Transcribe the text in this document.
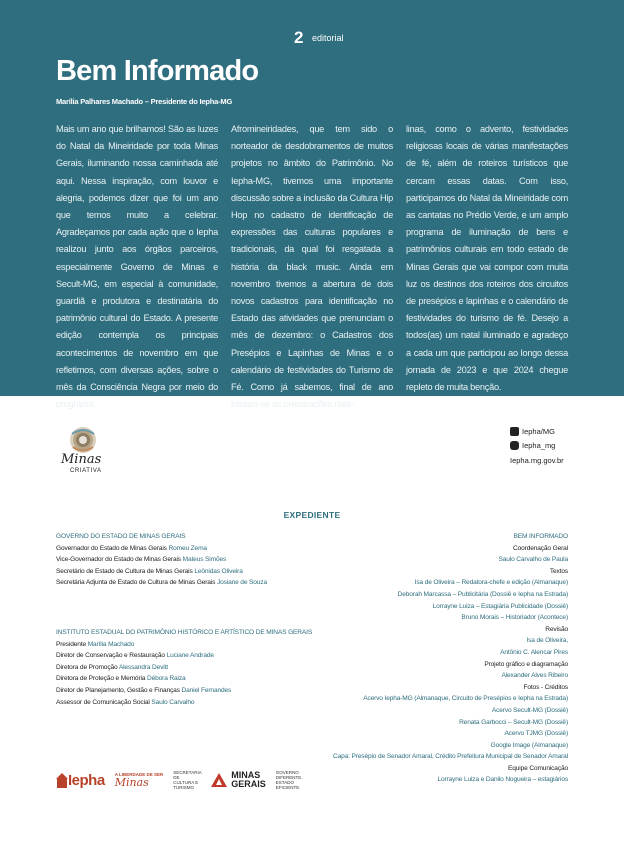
2 editorial
Bem Informado
Marília Palhares Machado – Presidente do Iepha-MG

Mais um ano que brilhamos! São as luzes do Natal da Mineiridade por toda Minas Gerais, iluminando nossa caminhada até aqui. Nessa inspiração, com louvor e alegria, podemos dizer que foi um ano que temos muito a celebrar. Agradeçamos por cada ação que o Iepha realizou junto aos órgãos parceiros, especialmente Governo de Minas e Secult-MG, em especial à comunidade, guardiã e produtora e destinatária do patrimônio cultural do Estado. A presente edição contempla os principais acontecimentos de novembro em que refletimos, com diversas ações, sobre o mês da Consciência Negra por meio do programa

Afromineiridades, que tem sido o norteador de desdobramentos de muitos projetos no âmbito do Patrimônio. No Iepha-MG, tivemos uma importante discussão sobre a inclusão da Cultura Hip Hop no cadastro de identificação de expressões das culturas populares e tradicionais, da qual foi resgatada a história da black music. Ainda em novembro tivemos a abertura de dois novos cadastros para identificação no Estado das atividades que prenunciam o mês de dezembro: o Cadastros dos Presépios e Lapinhas de Minas e o calendário de festividades do Turismo de Fé. Como já sabemos, final de ano iniciam-se as preparações nata-

linas, como o advento, festividades religiosas locais de várias manifestações de fé, além de roteiros turísticos que cercam essas datas. Com isso, participamos do Natal da Mineiridade com as cantatas no Prédio Verde, e um amplo programa de iluminação de bens e patrimônios culturais em todo estado de Minas Gerais que vai compor com muita luz os destinos dos roteiros dos circuitos de presépios e lapinhas e o calendário de festividades do turismo de fé. Desejo a todos(as) um natal iluminado e agradeço a cada um que participou ao longo dessa jornada de 2023 e que 2024 chegue repleto de muita benção.

Minas
CRIATIVA
Iepha/MG
Iepha_mg
Iepha.mg.gov.br
EXPEDIENTE
GOVERNO DO ESTADO DE MINAS GERAIS
Governador do Estado de Minas Gerais Romeu Zema
Vice-Governador do Estado de Minas Gerais Mateus Simões
Secretário de Estado de Cultura de Minas Gerais Leônidas Oliveira
Secretária Adjunta de Estado de Cultura de Minas Gerais Josiane de Souza
INSTITUTO ESTADUAL DO PATRIMÔNIO HISTÓRICO E ARTÍSTICO DE MINAS GERAIS
Presidente Marília Machado
Diretor de Conservação e Restauração Luciane Andrade
Diretora de Promoção Alessandra Devitt
Diretora de Proteção e Memória Débora Raiza
Diretor de Planejamento, Gestão e Finanças Daniel Fernandes
Assessor de Comunicação Social Saulo Carvalho
BEM INFORMADO
Coordenação Geral
Saulo Carvalho de Paula
Textos
Isa de Oliveira – Redatora-chefe e edição (Almanaque)
Deborah Marcassa – Publicitária (Dossiê e Iepha na Estrada)
Lorrayne Luiza – Estagiária Publicidade (Dossiê)
Bruno Morais – Historiador (Acontece)
Revisão
Isa de Oliveira,
Antônio C. Alencar Pires
Projeto gráfico e diagramação
Alexander Alves Ribeiro
Fotos - Créditos
Acervo Iepha-MG (Almanaque, Circuito de Presépios e Iepha na Estrada)
Acervo Secult-MG (Dossiê)
Renata Garbocci – Secult-MG (Dossiê)
Acervo TJMG (Dossiê)
Google Image (Almanaque)
Capa: Presépio de Senador Amaral, Crédito Prefeitura Municipal de Senador Amaral
Equipe Comunicação
Lorrayne Luiza e Danilo Nogueira – estagiários
Iepha A LIBERDADE DE SER
Minas
SECRETARIA DE CULTURA E TURISMO
MINAS
GERAIS
GOVERNO DIFERENTE. ESTADO EFICIENTE.
